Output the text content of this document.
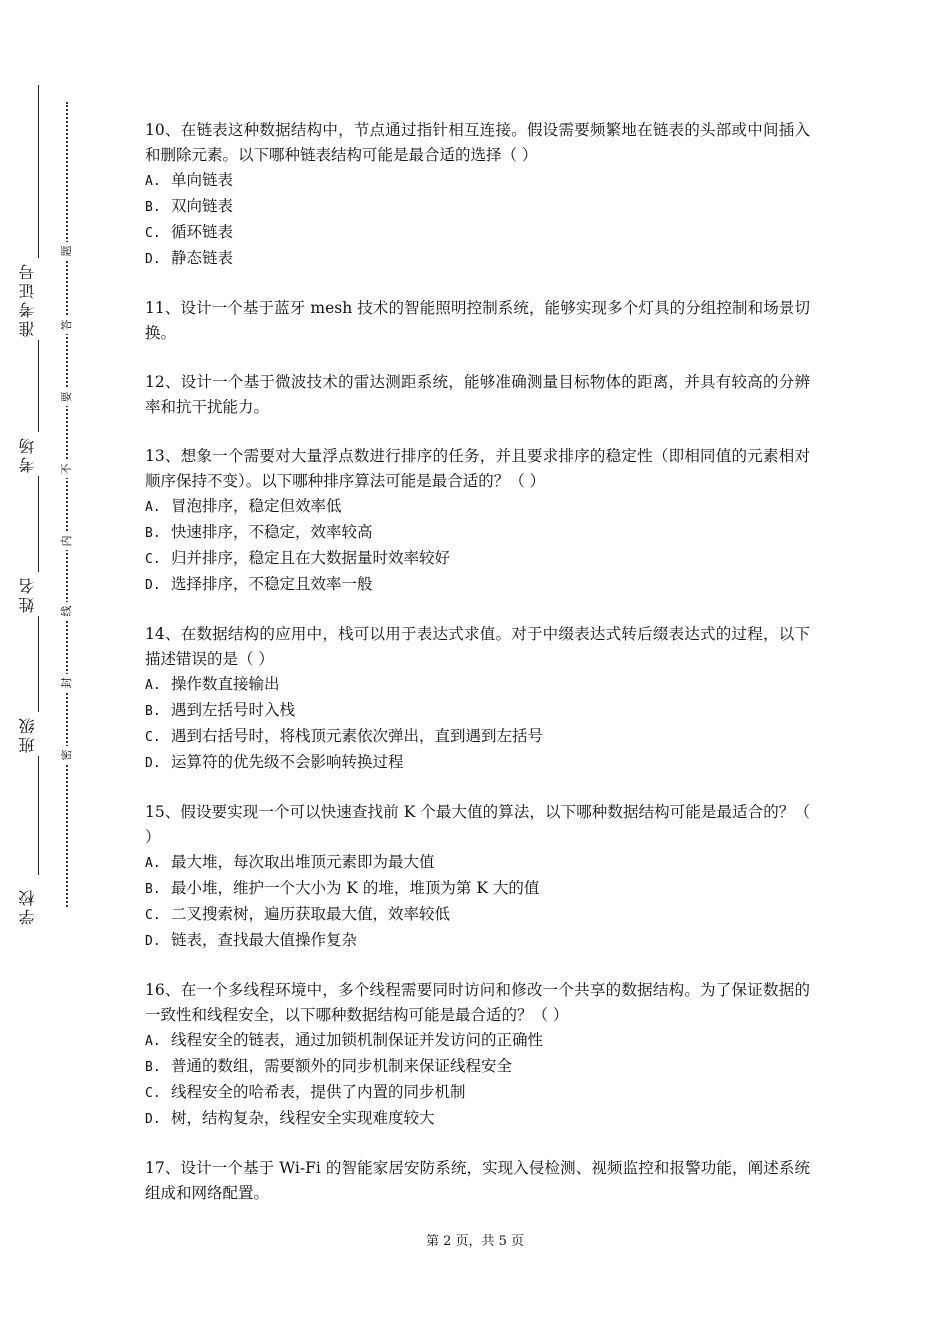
准考证号
考场
姓名
班级
学校
题
答
要
不
内
线
封
密

10、在链表这种数据结构中，节点通过指针相互连接。假设需要频繁地在链表的头部或中间插入和删除元素。以下哪种链表结构可能是最合适的选择（ ）

A. 单向链表
B. 双向链表
C. 循环链表
D. 静态链表

11、设计一个基于蓝牙 mesh 技术的智能照明控制系统，能够实现多个灯具的分组控制和场景切换。

12、设计一个基于微波技术的雷达测距系统，能够准确测量目标物体的距离，并具有较高的分辨率和抗干扰能力。

13、想象一个需要对大量浮点数进行排序的任务，并且要求排序的稳定性（即相同值的元素相对顺序保持不变）。以下哪种排序算法可能是最合适的？（ ）

A. 冒泡排序，稳定但效率低
B. 快速排序，不稳定，效率较高
C. 归并排序，稳定且在大数据量时效率较好
D. 选择排序，不稳定且效率一般

14、在数据结构的应用中，栈可以用于表达式求值。对于中缀表达式转后缀表达式的过程，以下描述错误的是（ ）

A. 操作数直接输出
B. 遇到左括号时入栈
C. 遇到右括号时，将栈顶元素依次弹出，直到遇到左括号
D. 运算符的优先级不会影响转换过程

15、假设要实现一个可以快速查找前 K 个最大值的算法，以下哪种数据结构可能是最适合的？（ ）

A. 最大堆，每次取出堆顶元素即为最大值
B. 最小堆，维护一个大小为 K 的堆，堆顶为第 K 大的值
C. 二叉搜索树，遍历获取最大值，效率较低
D. 链表，查找最大值操作复杂

16、在一个多线程环境中，多个线程需要同时访问和修改一个共享的数据结构。为了保证数据的一致性和线程安全，以下哪种数据结构可能是最合适的？（ ）

A. 线程安全的链表，通过加锁机制保证并发访问的正确性
B. 普通的数组，需要额外的同步机制来保证线程安全
C. 线程安全的哈希表，提供了内置的同步机制
D. 树，结构复杂，线程安全实现难度较大

17、设计一个基于 Wi-Fi 的智能家居安防系统，实现入侵检测、视频监控和报警功能，阐述系统组成和网络配置。

第 2 页，共 5 页
